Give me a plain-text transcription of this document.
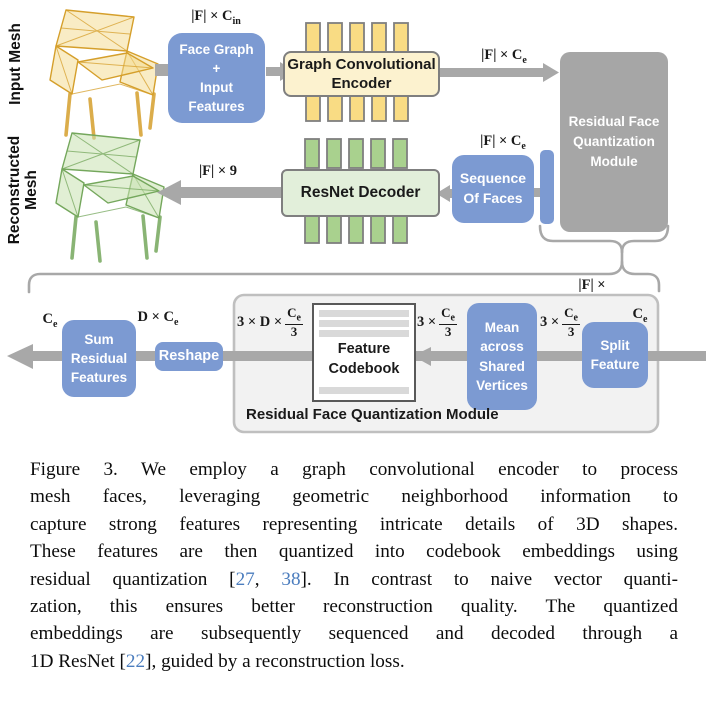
Input Mesh
Reconstructed
Mesh
$|F| \times C_{in}$
Face Graph
+
Input
Features
Graph Convolutional
Encoder
$|F| \times C_e$
Residual Face
Quantization
Module
|F| × 9
ResNet Decoder
$|F| \times C_e$
Sequence
Of Faces
|F| ×
$C_e$
Sum
Residual
Features
$D \times C_e$
Reshape
$3 \times D \times \frac{C_e}{3}$
Feature
Codebook
$3 \times \frac{C_e}{3}$	Mean
across
Shared
Vertices
$3 \times \frac{C_e}{3}$
Split
Feature
$C_e$
Residual Face Quantization Module
Figure 3. We employ a graph convolutional encoder to process
mesh faces, leveraging geometric neighborhood information to
capture strong features representing intricate details of 3D shapes.
These features are then quantized into codebook embeddings using
residual quantization [27, 38]. In contrast to naive vector quanti-
zation, this ensures better reconstruction quality. The quantized
embeddings are subsequently sequenced and decoded through a
1D ResNet [22], guided by a reconstruction loss.
